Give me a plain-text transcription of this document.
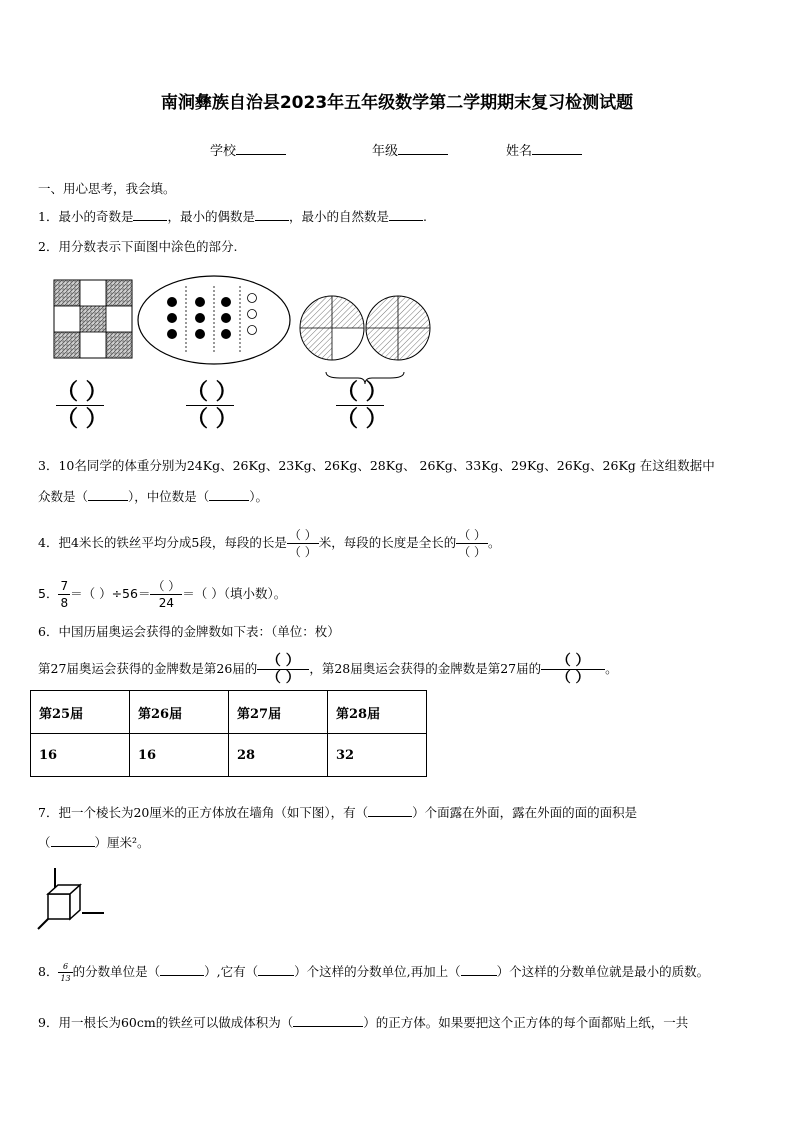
南涧彝族自治县2023年五年级数学第二学期期末复习检测试题
学校	年级	姓名
一、用心思考，我会填。
1．最小的奇数是	，最小的偶数是	，最小的自然数是	.
2．用分数表示下面图中涂色的部分.
（ ）
（ ）
（ ）
（ ）
（ ）
（ ）
3．10名同学的体重分别为24Kg、26Kg、23Kg、26Kg、28Kg、 26Kg、33Kg、29Kg、26Kg、26Kg 在这组数据中
众数是（	），中位数是（	）。
4．把4米长的铁丝平均分成5段，每段的长是 $\frac{( )}{( )}$ 米，每段的长度是全长的 $\frac{( )}{( )}$ 。
5． $\frac{7}{8}$ ＝（ ）$\div 56= \frac{( )}{24}$ ＝（ ）（填小数）。
6．中国历届奥运会获得的金牌数如下表：（单位：枚）
第27届奥运会获得的金牌数是第26届的 $\frac{( )}{( )}$ ，第28届奥运会获得的金牌数是第27届的 $\frac{( )}{( )}$ 。
第25届	第26届	第27届	第28届
16	16	28	32
7．把一个棱长为20厘米的正方体放在墙角（如下图），有（	）个面露在外面，露在外面的面的面积是
（	）厘米²。
8． $\frac{6}{13}$ 的分数单位是（	）,它有（	）个这样的分数单位,再加上（	）个这样的分数单位就是最小的质数。
9．用一根长为60cm的铁丝可以做成体积为（	）的正方体。如果要把这个正方体的每个面都贴上纸，一共
